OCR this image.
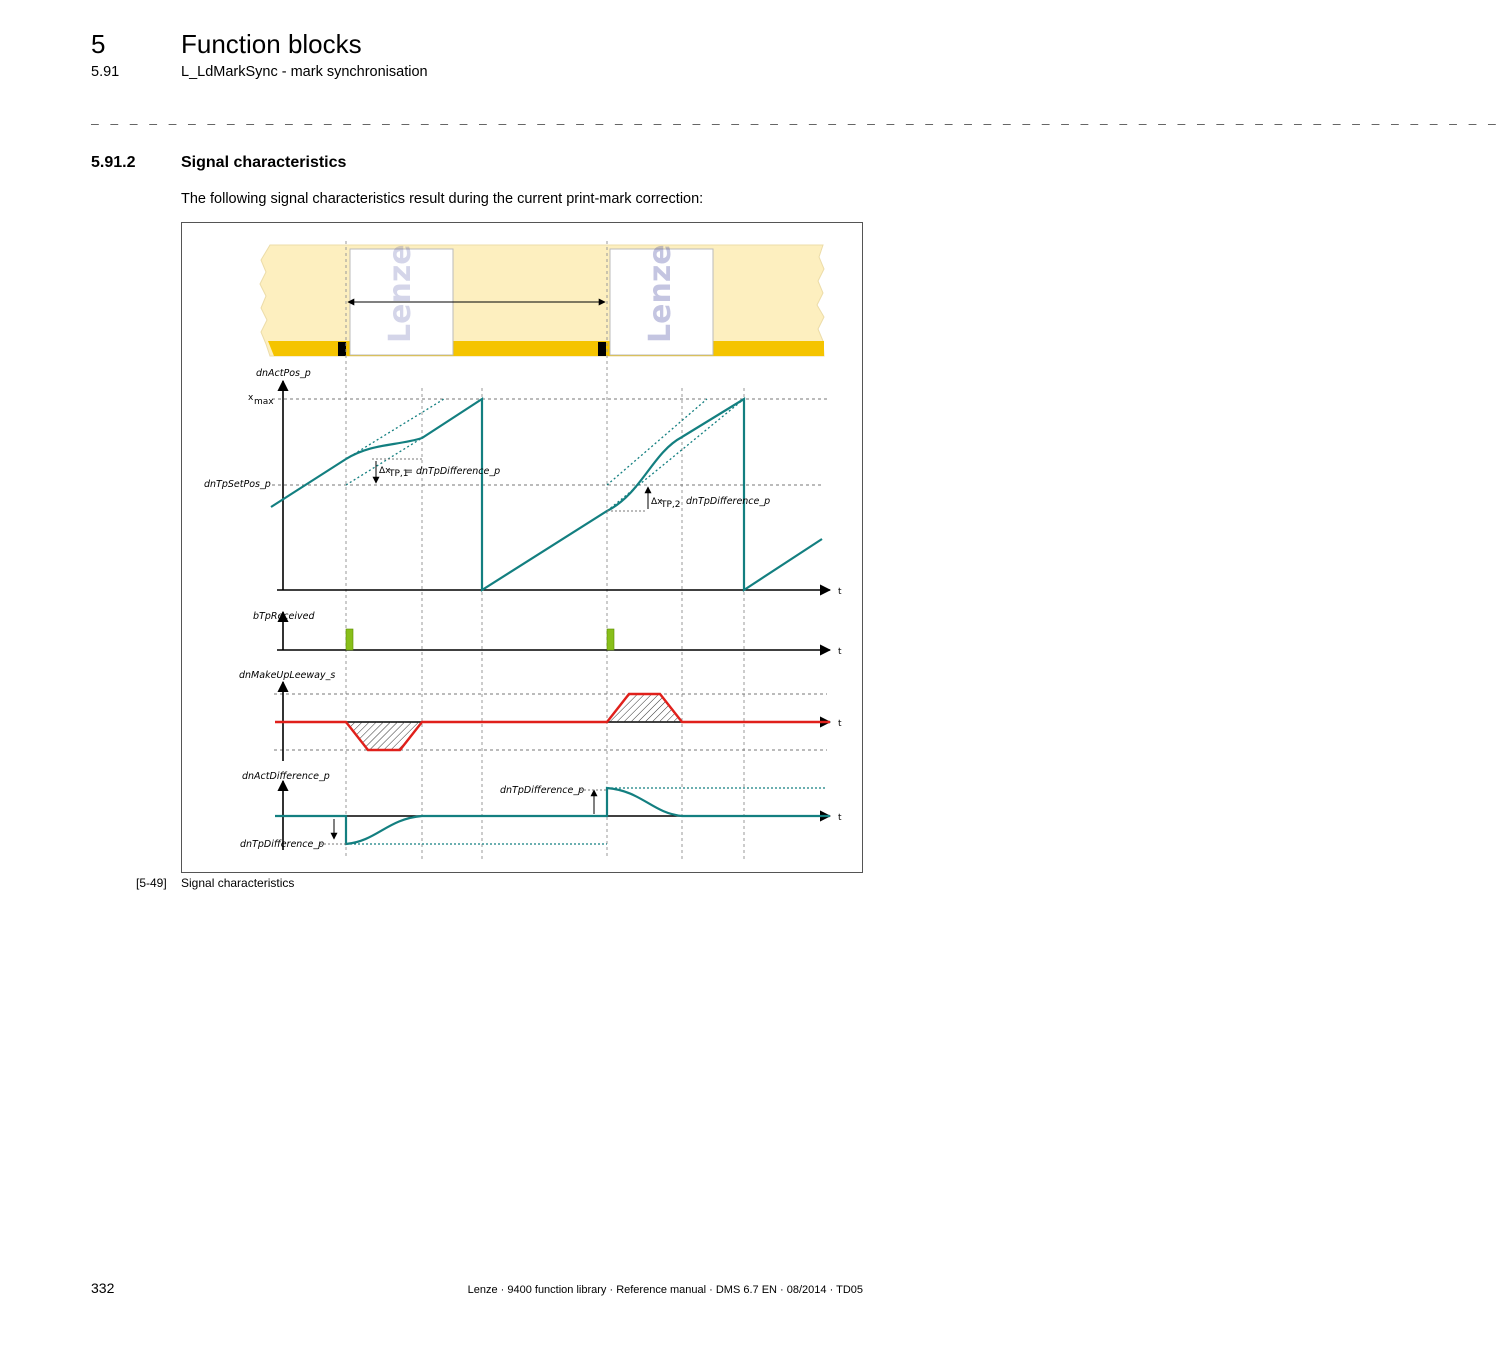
5	Function blocks
5.91	L_LdMarkSync - mark synchronisation
_ _ _ _ _ _ _ _ _ _ _ _ _ _ _ _ _ _ _ _ _ _ _ _ _ _ _ _ _ _ _ _ _ _ _ _ _ _ _ _ _ _ _ _ _ _ _ _ _ _ _ _ _ _ _ _ _ _ _ _ _ _ _ _ _ _ _ _ _ _ _ _ _
5.91.2	Signal characteristics
The following signal characteristics result during the current print-mark correction:
Lenze	Lenze
dnActPos_p
x max
dnTpSetPos_p
t
Δx
TP,1
= dnTpDifference_p
Δx
TP,2 dnTpDifference_p
bTpReceived
t
dnMakeUpLeeway_s
t
dnActDifference_p
dnTpDifference_p
dnTpDifference_p
t
[5-49] Signal characteristics
332	Lenze · 9400 function library · Reference manual · DMS 6.7 EN · 08/2014 · TD05
